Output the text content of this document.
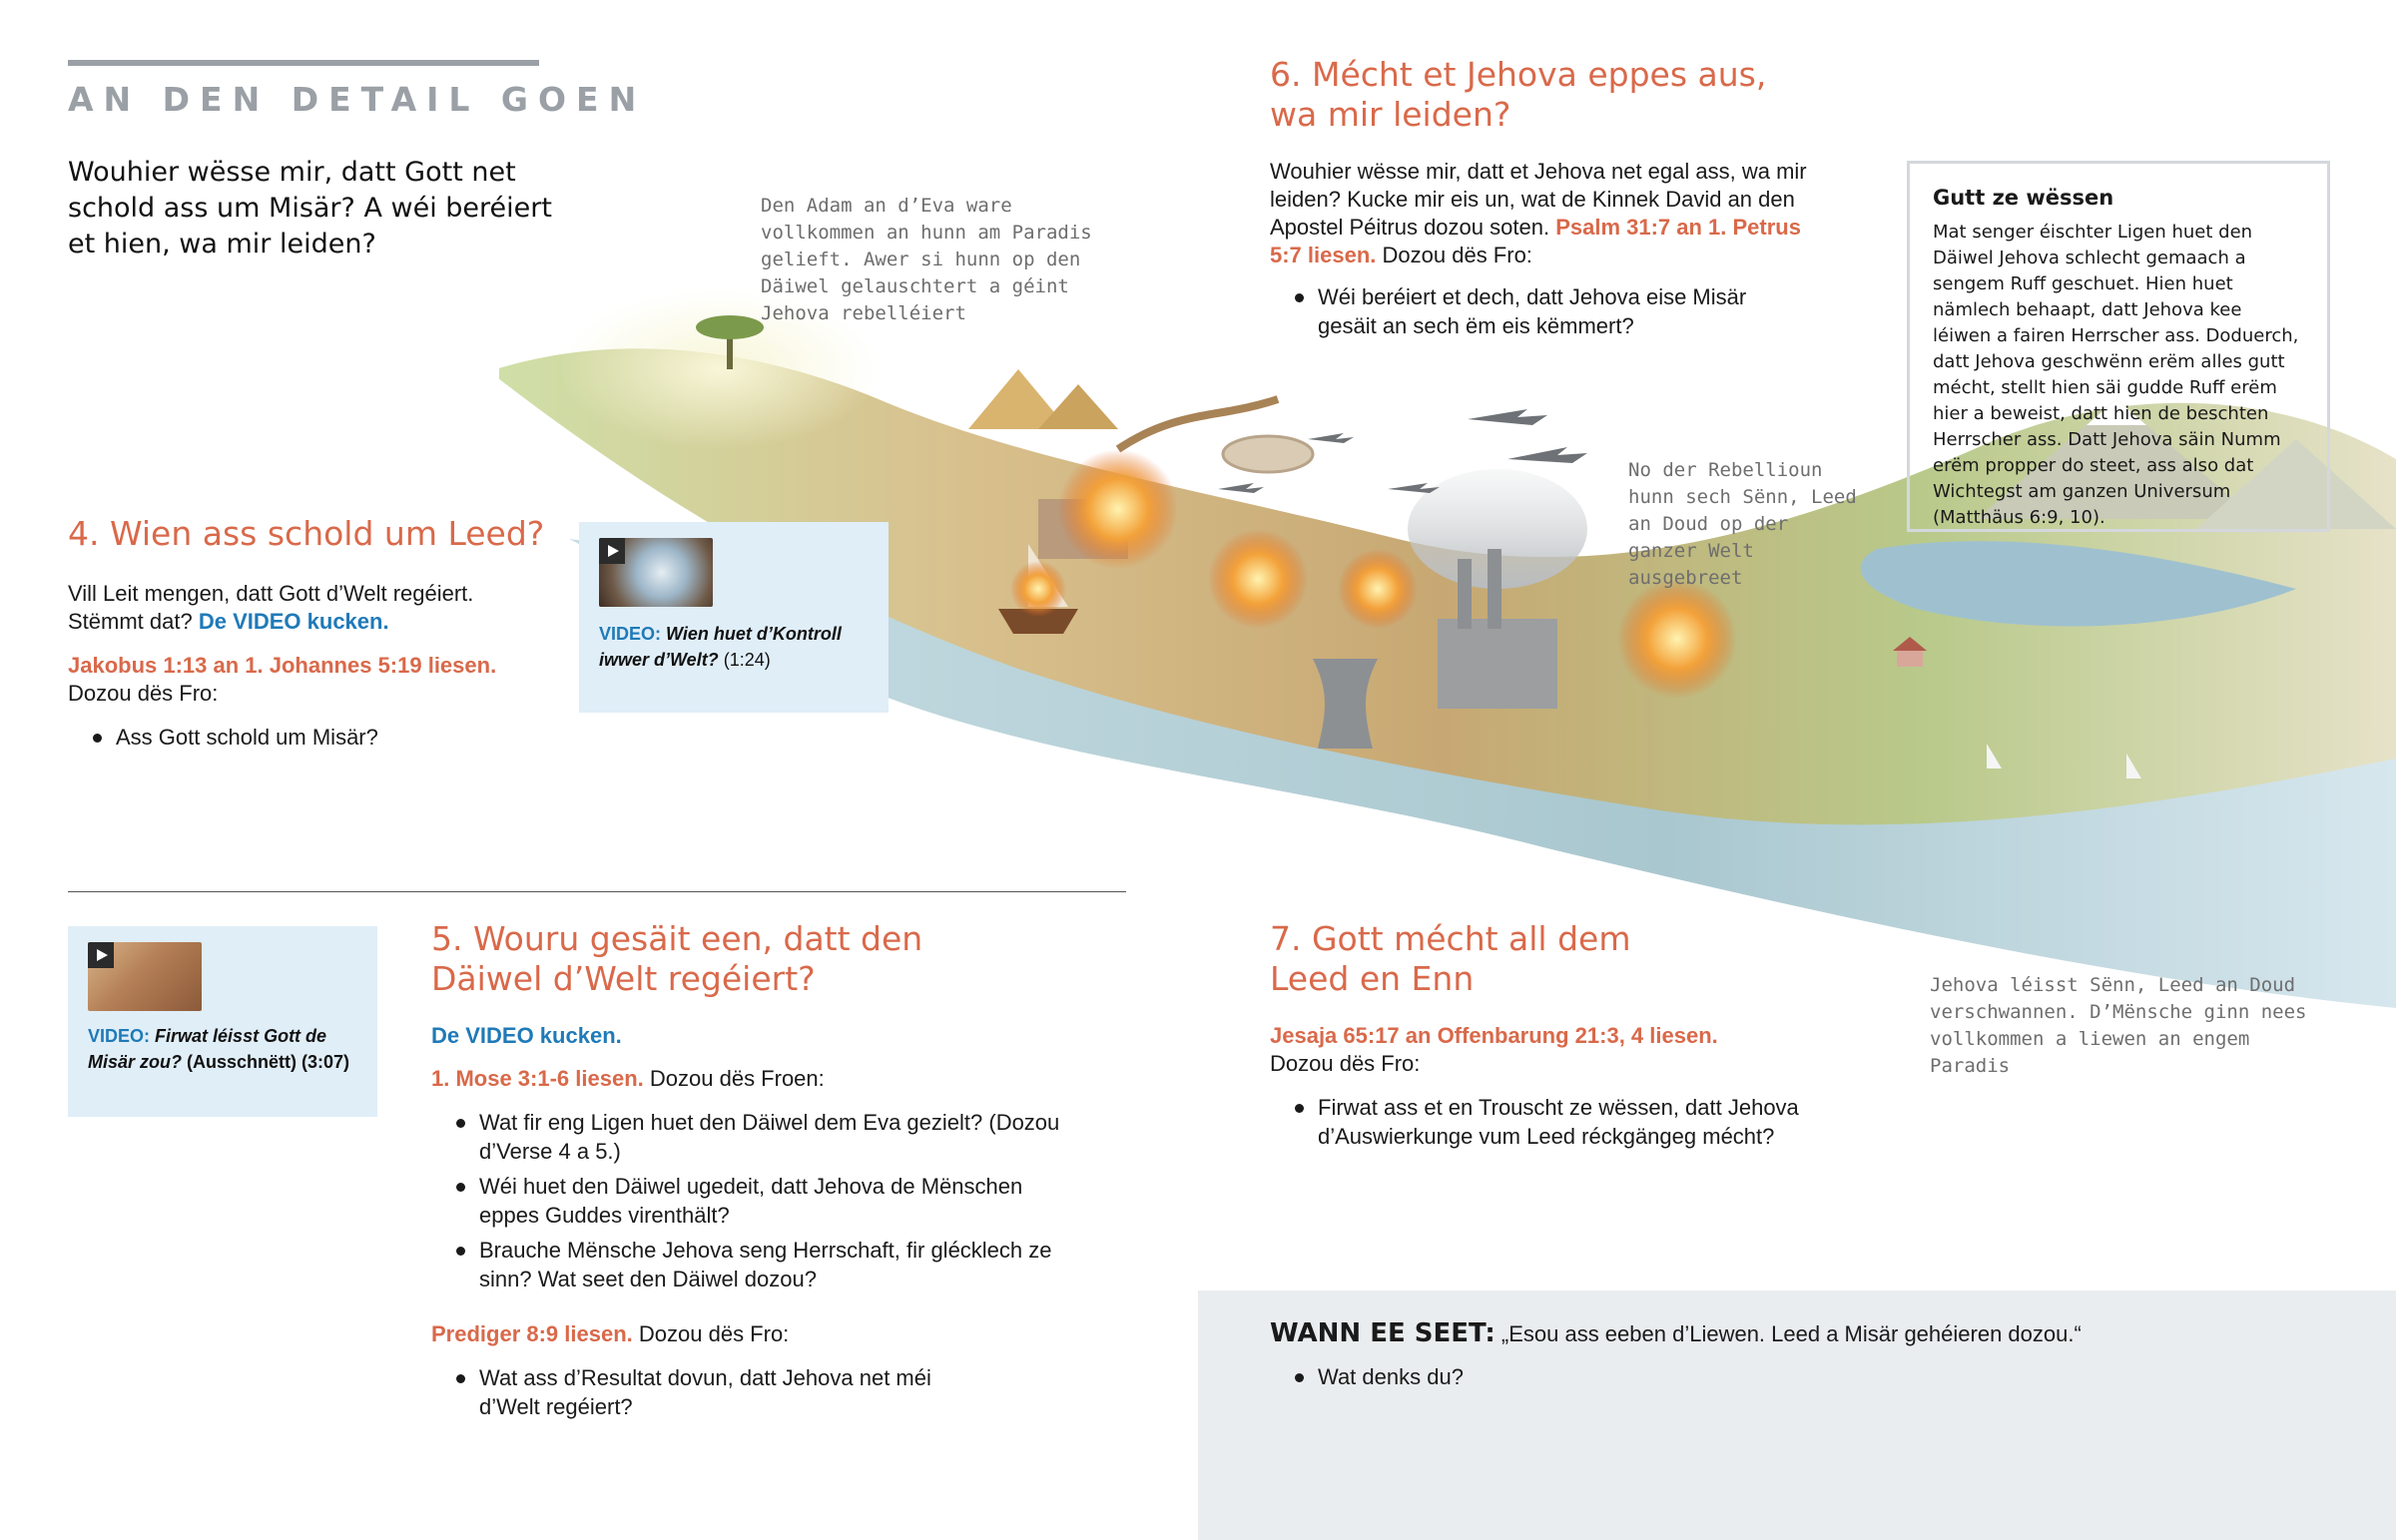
AN DEN DETAIL GOEN
Wouhier wësse mir, datt Gott net schold ass um Misär? A wéi beréiert et hien, wa mir leiden?
Den Adam an d’Eva ware vollkommen an hunn am Paradis gelieft. Awer si hunn op den Däiwel gelauschtert a géint Jehova rebelléiert
No der Rebellioun hunn sech Sënn, Leed an Doud op der ganzer Welt ausgebreet
Jehova léisst Sënn, Leed an Doud verschwannen. D’Mënsche ginn nees vollkommen a liewen an engem Paradis
4. Wien ass schold um Leed?
Vill Leit mengen, datt Gott d’Welt regéiert. Stëmmt dat? De VIDEO kucken.
Jakobus 1:13 an 1. Johannes 5:19 liesen.
Dozou dës Fro:
Ass Gott schold um Misär?
VIDEO: Wien huet d’Kontroll iwwer d’Welt? (1:24)
VIDEO: Firwat léisst Gott de Misär zou? (Ausschnëtt) (3:07)
5. Wouru gesäit een, datt den Däiwel d’Welt regéiert?
De VIDEO kucken.
1. Mose 3:1-6 liesen. Dozou dës Froen:
Wat fir eng Ligen huet den Däiwel dem Eva gezielt? (Dozou d’Verse 4 a 5.)
Wéi huet den Däiwel ugedeit, datt Jehova de Mënschen eppes Guddes virenthält?
Brauche Mënsche Jehova seng Herrschaft, fir glécklech ze sinn? Wat seet den Däiwel dozou?
Prediger 8:9 liesen. Dozou dës Fro:
Wat ass d’Resultat dovun, datt Jehova net méi d’Welt regéiert?
6. Mécht et Jehova eppes aus, wa mir leiden?
Wouhier wësse mir, datt et Jehova net egal ass, wa mir leiden? Kucke mir eis un, wat de Kinnek David an den Apostel Péitrus dozou soten. Psalm 31:7 an 1. Petrus 5:7 liesen. Dozou dës Fro:
Wéi beréiert et dech, datt Jehova eise Misär gesäit an sech ëm eis këmmert?
Gutt ze wëssen
Mat senger éischter Ligen huet den Däiwel Jehova schlecht gemaach a sengem Ruff geschuet. Hien huet nämlech behaapt, datt Jehova kee léiwen a fairen Herrscher ass. Doduerch, datt Jehova geschwënn erëm alles gutt mécht, stellt hien säi gudde Ruff erëm hier a beweist, datt hien de beschten Herrscher ass. Datt Jehova säin Numm erëm propper do steet, ass also dat Wichtegst am ganzen Universum (Matthäus 6:9, 10).
7. Gott mécht all dem Leed en Enn
Jesaja 65:17 an Offenbarung 21:3, 4 liesen.
Dozou dës Fro:
Firwat ass et en Trouscht ze wëssen, datt Jehova d’Auswierkunge vum Leed réckgängeg mécht?
WANN EE SEET: „Esou ass eeben d’Liewen. Leed a Misär gehéieren dozou.“
Wat denks du?
